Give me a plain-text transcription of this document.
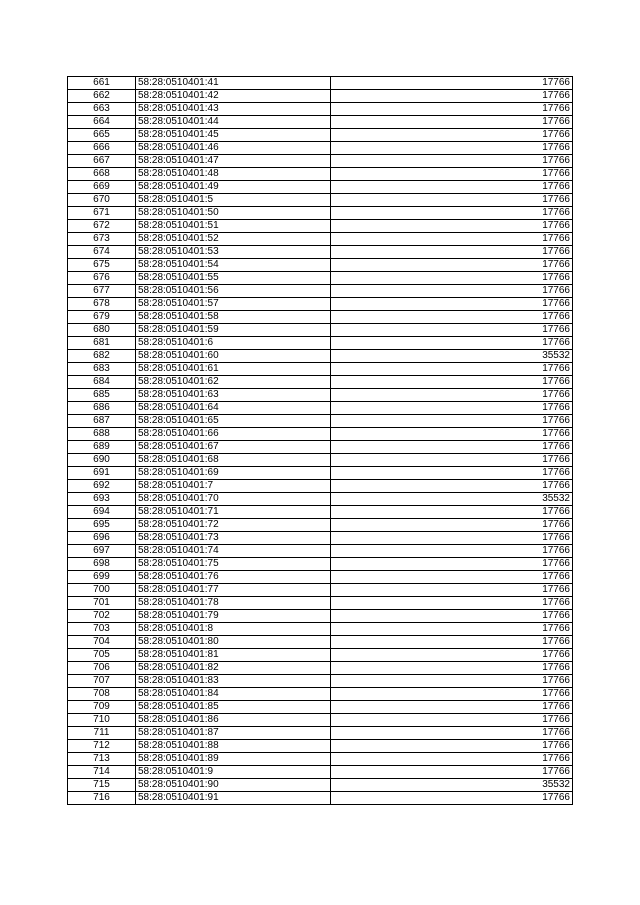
661	58:28:0510401:41	17766
662	58:28:0510401:42	17766
663	58:28:0510401:43	17766
664	58:28:0510401:44	17766
665	58:28:0510401:45	17766
666	58:28:0510401:46	17766
667	58:28:0510401:47	17766
668	58:28:0510401:48	17766
669	58:28:0510401:49	17766
670	58:28:0510401:5	17766
671	58:28:0510401:50	17766
672	58:28:0510401:51	17766
673	58:28:0510401:52	17766
674	58:28:0510401:53	17766
675	58:28:0510401:54	17766
676	58:28:0510401:55	17766
677	58:28:0510401:56	17766
678	58:28:0510401:57	17766
679	58:28:0510401:58	17766
680	58:28:0510401:59	17766
681	58:28:0510401:6	17766
682	58:28:0510401:60	35532
683	58:28:0510401:61	17766
684	58:28:0510401:62	17766
685	58:28:0510401:63	17766
686	58:28:0510401:64	17766
687	58:28:0510401:65	17766
688	58:28:0510401:66	17766
689	58:28:0510401:67	17766
690	58:28:0510401:68	17766
691	58:28:0510401:69	17766
692	58:28:0510401:7	17766
693	58:28:0510401:70	35532
694	58:28:0510401:71	17766
695	58:28:0510401:72	17766
696	58:28:0510401:73	17766
697	58:28:0510401:74	17766
698	58:28:0510401:75	17766
699	58:28:0510401:76	17766
700	58:28:0510401:77	17766
701	58:28:0510401:78	17766
702	58:28:0510401:79	17766
703	58:28:0510401:8	17766
704	58:28:0510401:80	17766
705	58:28:0510401:81	17766
706	58:28:0510401:82	17766
707	58:28:0510401:83	17766
708	58:28:0510401:84	17766
709	58:28:0510401:85	17766
710	58:28:0510401:86	17766
711	58:28:0510401:87	17766
712	58:28:0510401:88	17766
713	58:28:0510401:89	17766
714	58:28:0510401:9	17766
715	58:28:0510401:90	35532
716	58:28:0510401:91	17766
